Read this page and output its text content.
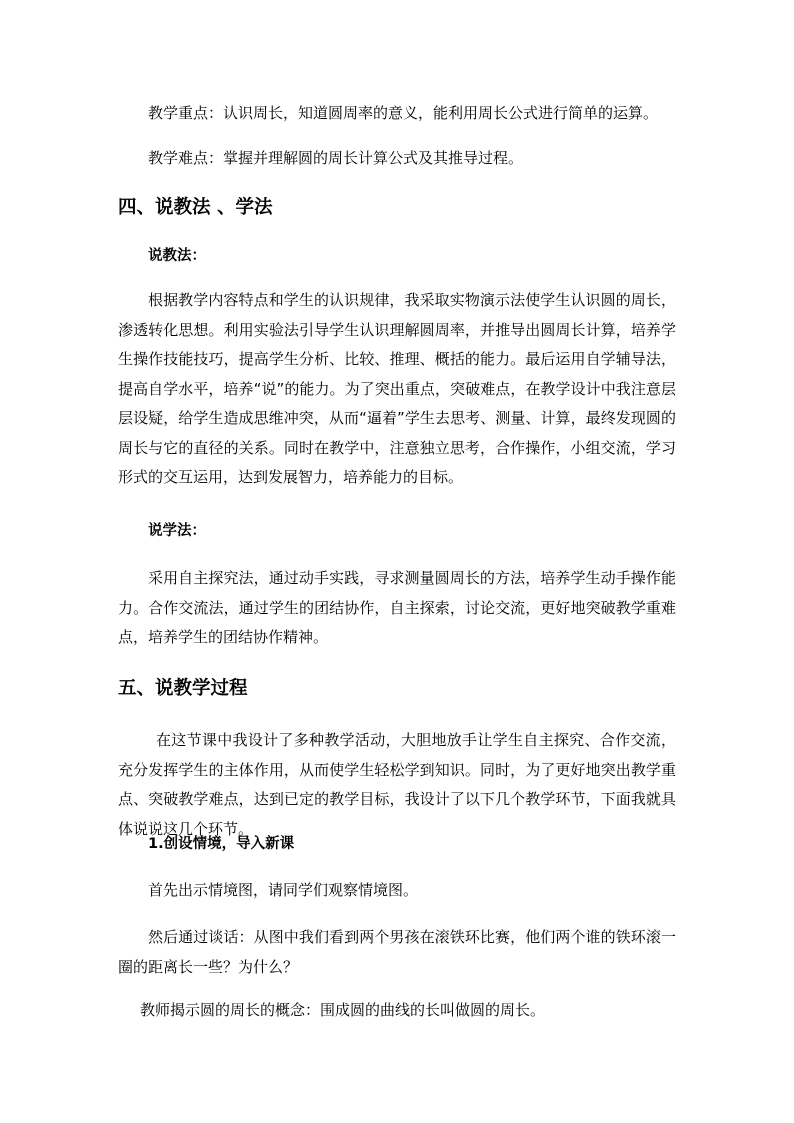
教学重点：认识周长，知道圆周率的意义，能利用周长公式进行简单的运算。
教学难点：掌握并理解圆的周长计算公式及其推导过程。
四、说教法 、学法
说教法：
根据教学内容特点和学生的认识规律，我采取实物演示法使学生认识圆的周长，渗透转化思想。利用实验法引导学生认识理解圆周率，并推导出圆周长计算，培养学生操作技能技巧，提高学生分析、比较、推理、概括的能力。最后运用自学辅导法，提高自学水平，培养“说”的能力。为了突出重点，突破难点，在教学设计中我注意层层设疑，给学生造成思维冲突，从而“逼着”学生去思考、测量、计算，最终发现圆的周长与它的直径的关系。同时在教学中，注意独立思考，合作操作，小组交流，学习形式的交互运用，达到发展智力，培养能力的目标。
说学法：
采用自主探究法，通过动手实践，寻求测量圆周长的方法，培养学生动手操作能力。合作交流法，通过学生的团结协作，自主探索，讨论交流，更好地突破教学重难点，培养学生的团结协作精神。
五、说教学过程
在这节课中我设计了多种教学活动，大胆地放手让学生自主探究、合作交流，充分发挥学生的主体作用，从而使学生轻松学到知识。同时，为了更好地突出教学重点、突破教学难点，达到已定的教学目标，我设计了以下几个教学环节，下面我就具体说说这几个环节。
1.创设情境，导入新课
首先出示情境图，请同学们观察情境图。
然后通过谈话：从图中我们看到两个男孩在滚铁环比赛，他们两个谁的铁环滚一圈的距离长一些？为什么？
教师揭示圆的周长的概念：围成圆的曲线的长叫做圆的周长。
